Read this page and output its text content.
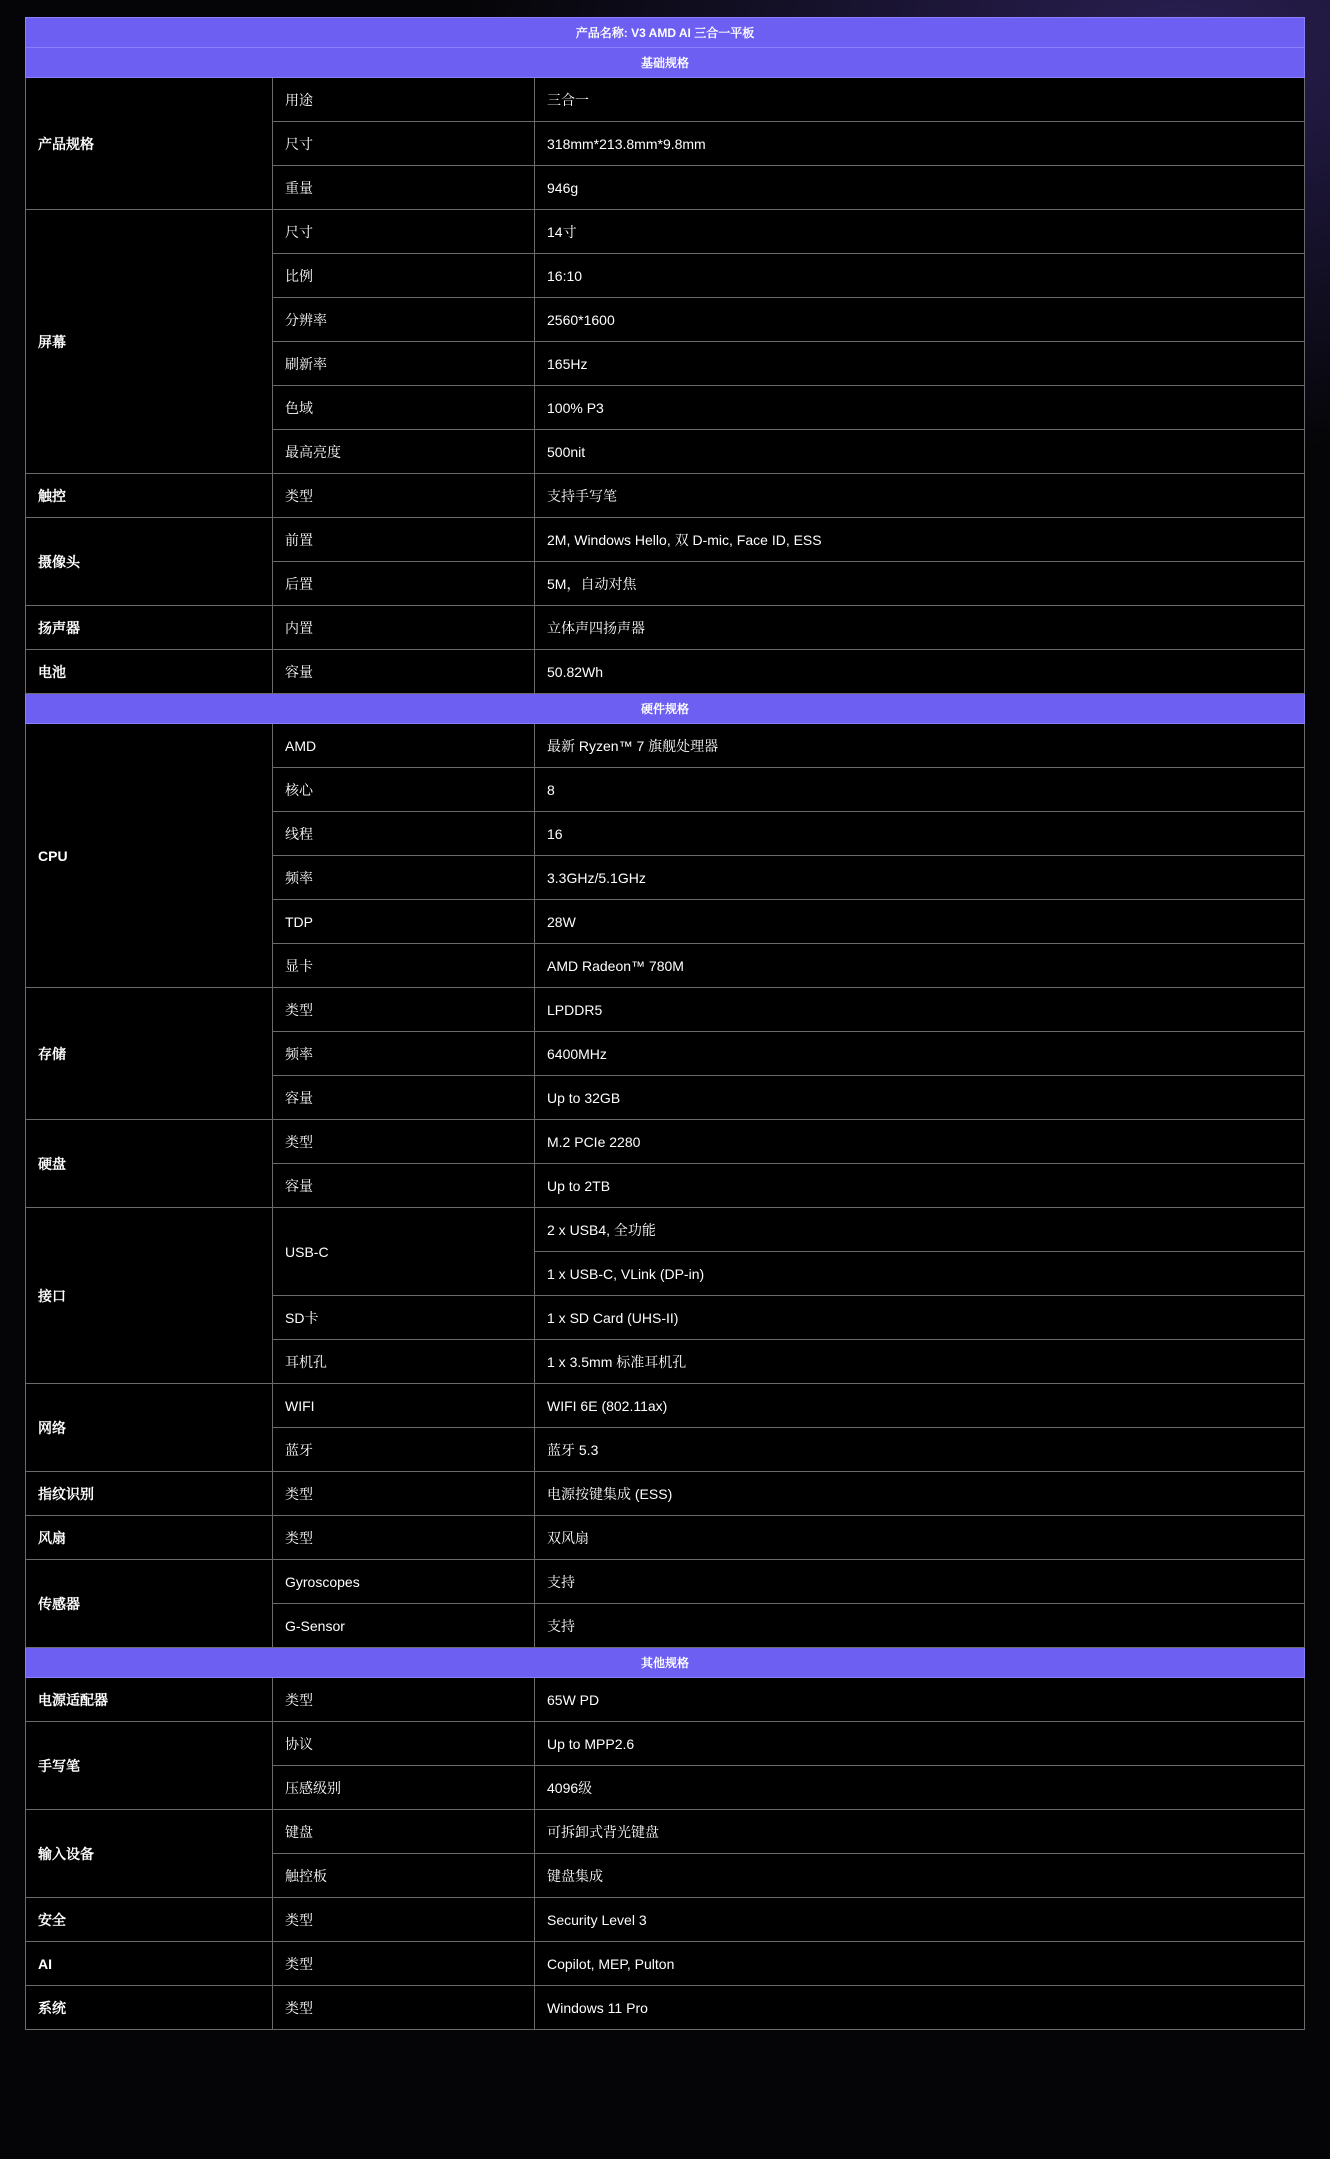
产品名称: V3 AMD AI 三合一平板		
基础规格		
产品规格	用途	三合一
	尺寸	318mm*213.8mm*9.8mm
	重量	946g
屏幕	尺寸	14寸
	比例	16:10
	分辨率	2560*1600
	刷新率	165Hz
	色域	100% P3
	最高亮度	500nit
触控	类型	支持手写笔
摄像头	前置	2M, Windows Hello, 双 D-mic, Face ID, ESS
	后置	5M，自动对焦
扬声器	内置	立体声四扬声器
电池	容量	50.82Wh
硬件规格		
CPU	AMD	最新 Ryzen™ 7 旗舰处理器
	核心	8
	线程	16
	频率	3.3GHz/5.1GHz
	TDP	28W
	显卡	AMD Radeon™ 780M
存储	类型	LPDDR5
	频率	6400MHz
	容量	Up to 32GB
硬盘	类型	M.2 PCIe 2280
	容量	Up to 2TB
接口	USB-C	2 x USB4, 全功能
		1 x USB-C, VLink (DP-in)
	SD卡	1 x SD Card (UHS-II)
	耳机孔	1 x 3.5mm 标准耳机孔
网络	WIFI	WIFI 6E (802.11ax)
	蓝牙	蓝牙 5.3
指纹识别	类型	电源按键集成 (ESS)
风扇	类型	双风扇
传感器	Gyroscopes	支持
	G-Sensor	支持
其他规格		
电源适配器	类型	65W PD
手写笔	协议	Up to MPP2.6
	压感级别	4096级
输入设备	键盘	可拆卸式背光键盘
	触控板	键盘集成
安全	类型	Security Level 3
AI	类型	Copilot, MEP, Pulton
系统	类型	Windows 11 Pro
